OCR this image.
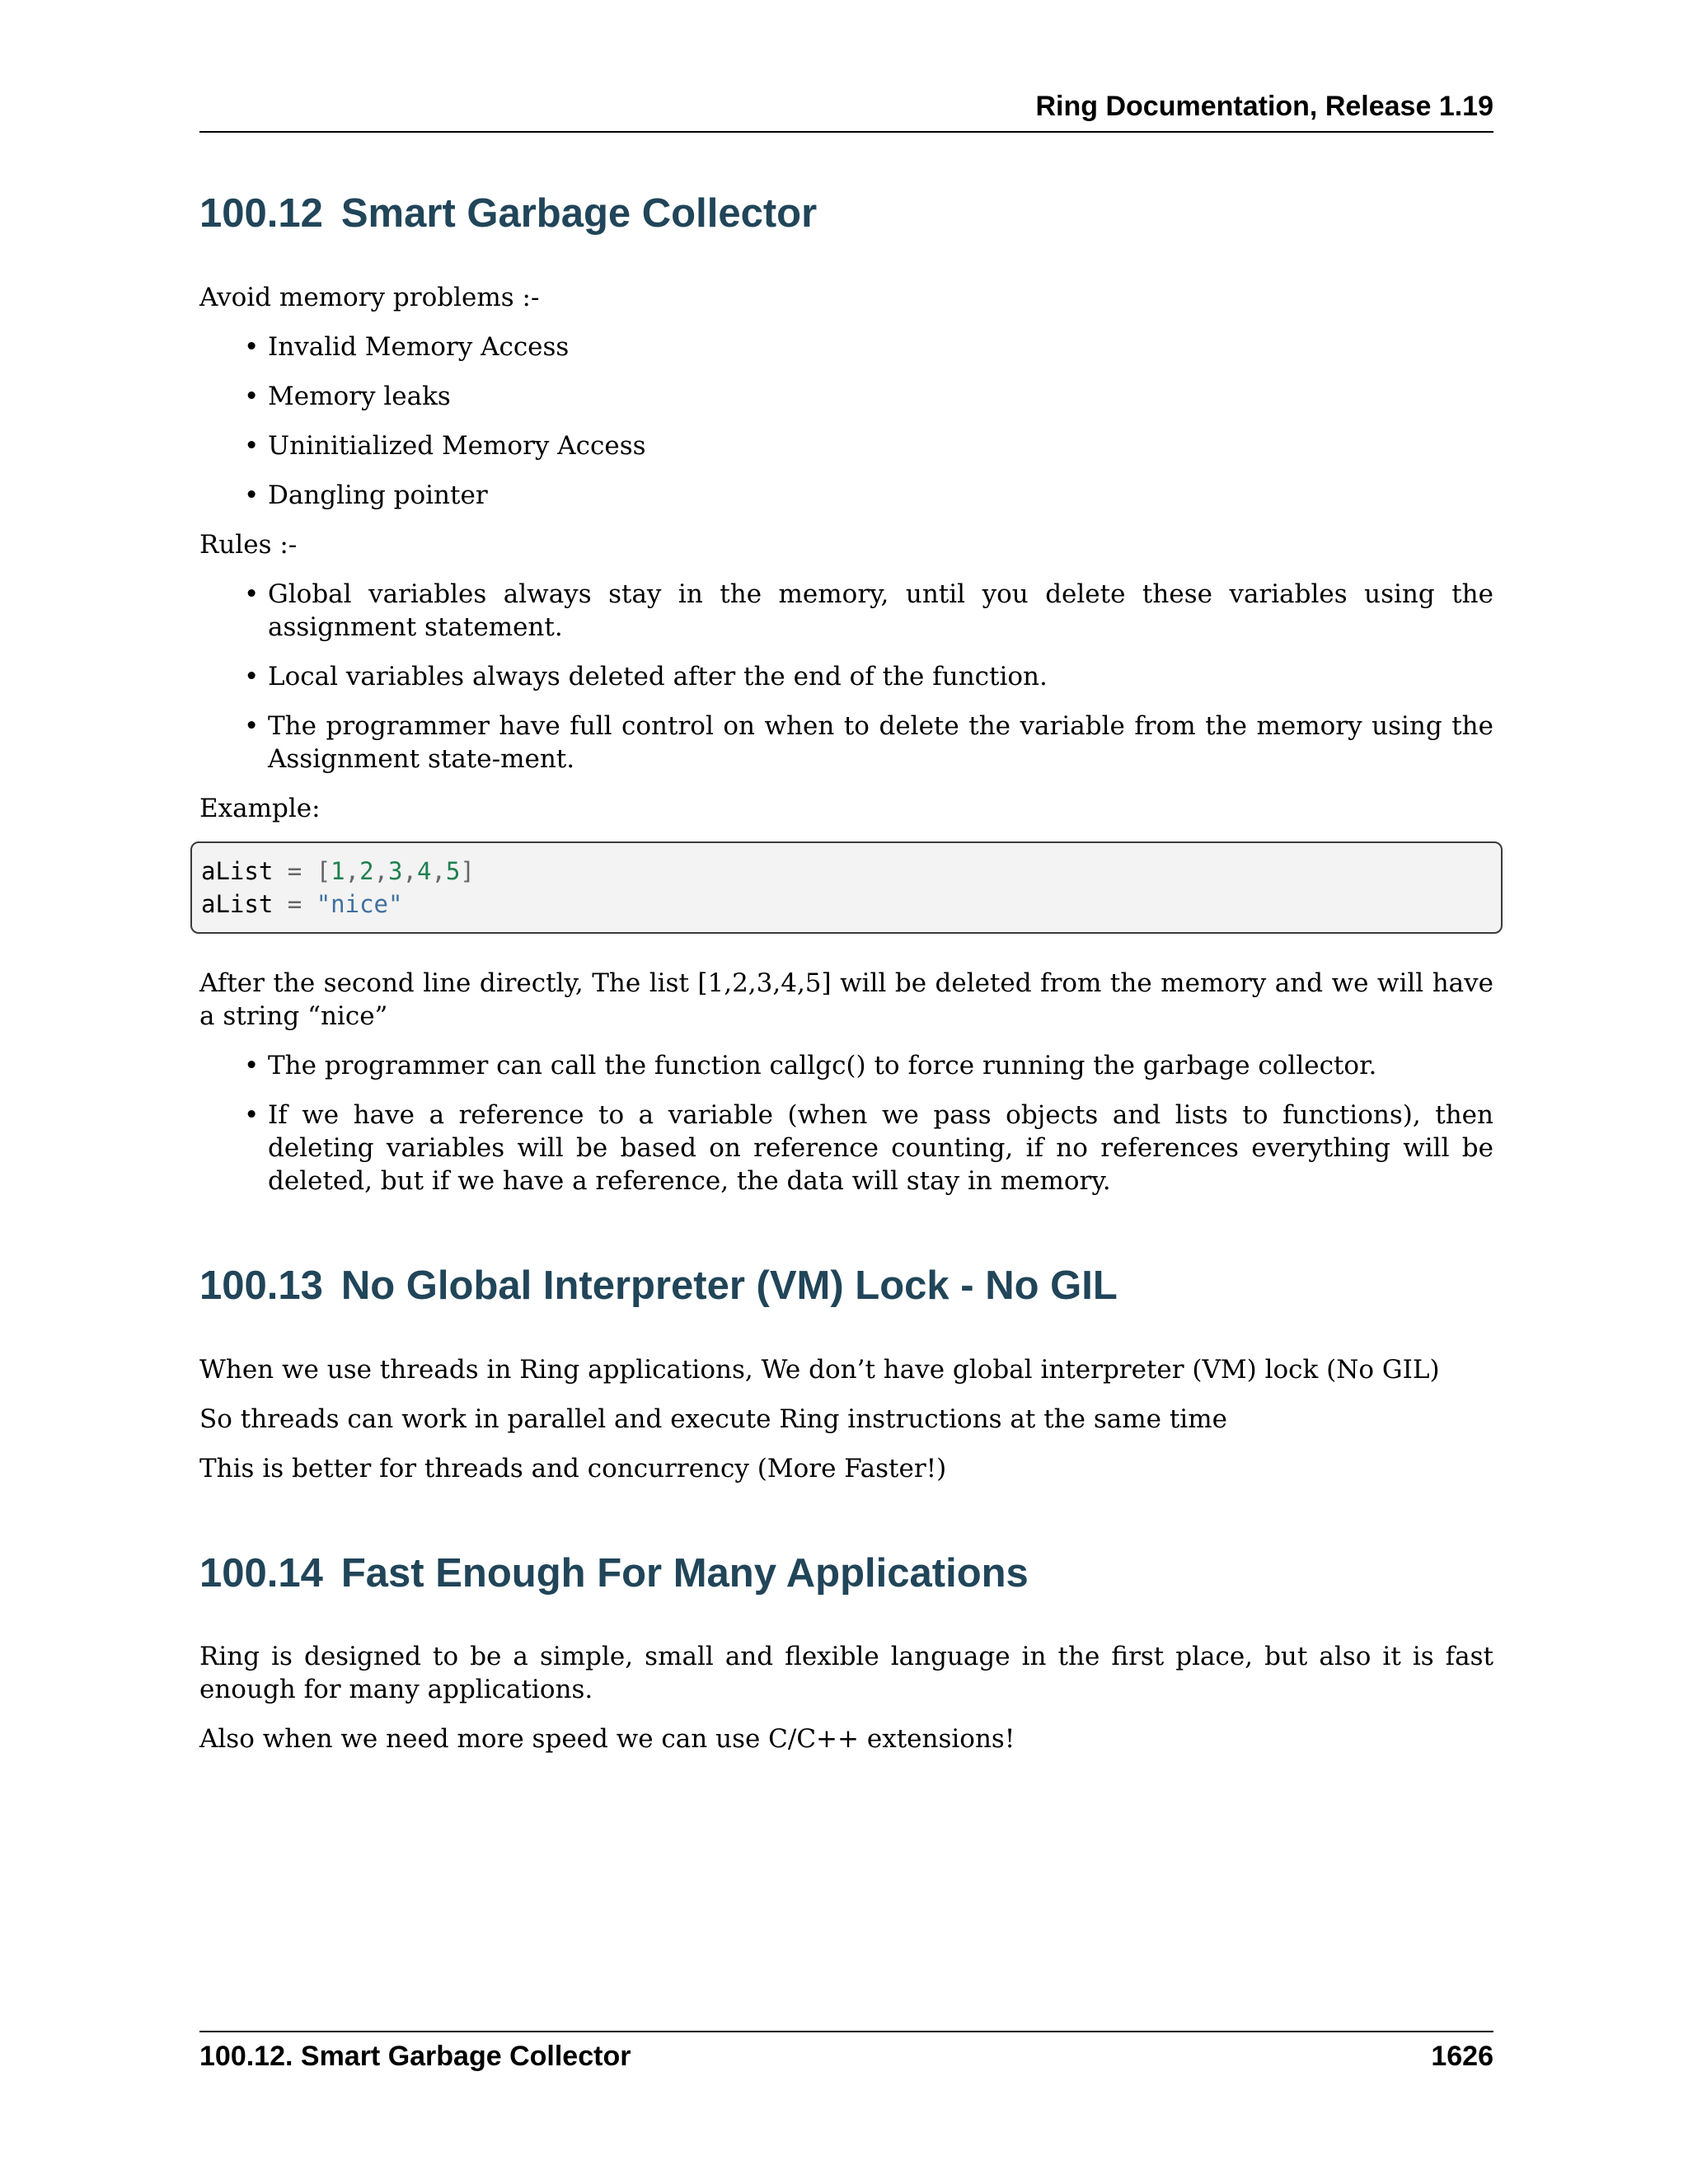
Ring Documentation, Release 1.19
100.12 Smart Garbage Collector

Avoid memory problems :-

• Invalid Memory Access
• Memory leaks
• Uninitialized Memory Access
• Dangling pointer

Rules :-

• Global variables always stay in the memory, until you delete these variables using the assignment statement.
• Local variables always deleted after the end of the function.
• The programmer have full control on when to delete the variable from the memory using the Assignment state-ment.

Example:

aList = [1,2,3,4,5]
aList = "nice"

After the second line directly, The list [1,2,3,4,5] will be deleted from the memory and we will have a string “nice”

• The programmer can call the function callgc() to force running the garbage collector.
• If we have a reference to a variable (when we pass objects and lists to functions), then deleting variables will be based on reference counting, if no references everything will be deleted, but if we have a reference, the data will stay in memory.
100.13 No Global Interpreter (VM) Lock - No GIL

When we use threads in Ring applications, We don’t have global interpreter (VM) lock (No GIL)

So threads can work in parallel and execute Ring instructions at the same time

This is better for threads and concurrency (More Faster!)

100.14 Fast Enough For Many Applications

Ring is designed to be a simple, small and flexible language in the first place, but also it is fast enough for many applications.

Also when we need more speed we can use C/C++ extensions!

100.12. Smart Garbage Collector	1626
